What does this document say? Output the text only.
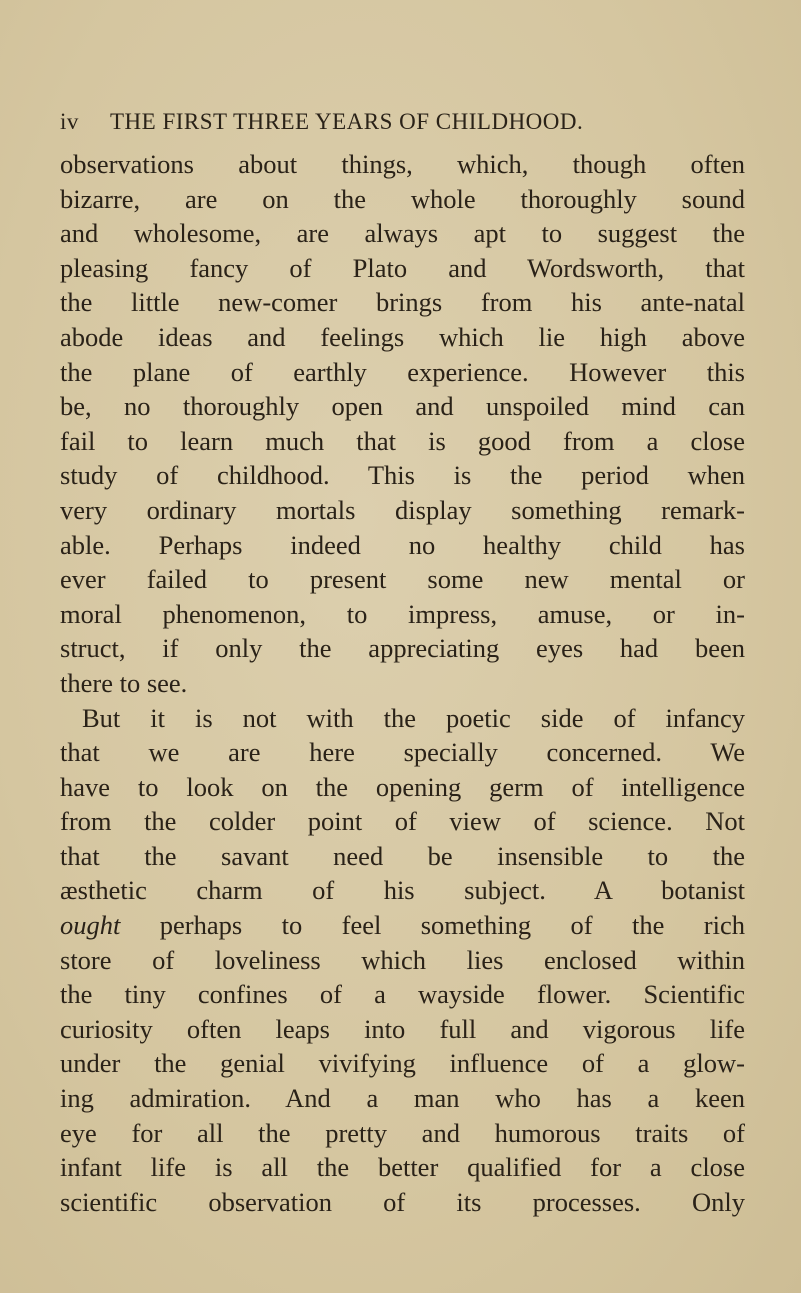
iv THE FIRST THREE YEARS OF CHILDHOOD.
observations about things, which, though often
bizarre, are on the whole thoroughly sound
and wholesome, are always apt to suggest the
pleasing fancy of Plato and Wordsworth, that
the little new-comer brings from his ante-natal
abode ideas and feelings which lie high above
the plane of earthly experience. However this
be, no thoroughly open and unspoiled mind can
fail to learn much that is good from a close
study of childhood. This is the period when
very ordinary mortals display something remark-
able. Perhaps indeed no healthy child has
ever failed to present some new mental or
moral phenomenon, to impress, amuse, or in-
struct, if only the appreciating eyes had been
there to see.
But it is not with the poetic side of infancy
that we are here specially concerned. We
have to look on the opening germ of intelligence
from the colder point of view of science. Not
that the savant need be insensible to the
æsthetic charm of his subject. A botanist
ought perhaps to feel something of the rich
store of loveliness which lies enclosed within
the tiny confines of a wayside flower. Scientific
curiosity often leaps into full and vigorous life
under the genial vivifying influence of a glow-
ing admiration. And a man who has a keen
eye for all the pretty and humorous traits of
infant life is all the better qualified for a close
scientific observation of its processes. Only
